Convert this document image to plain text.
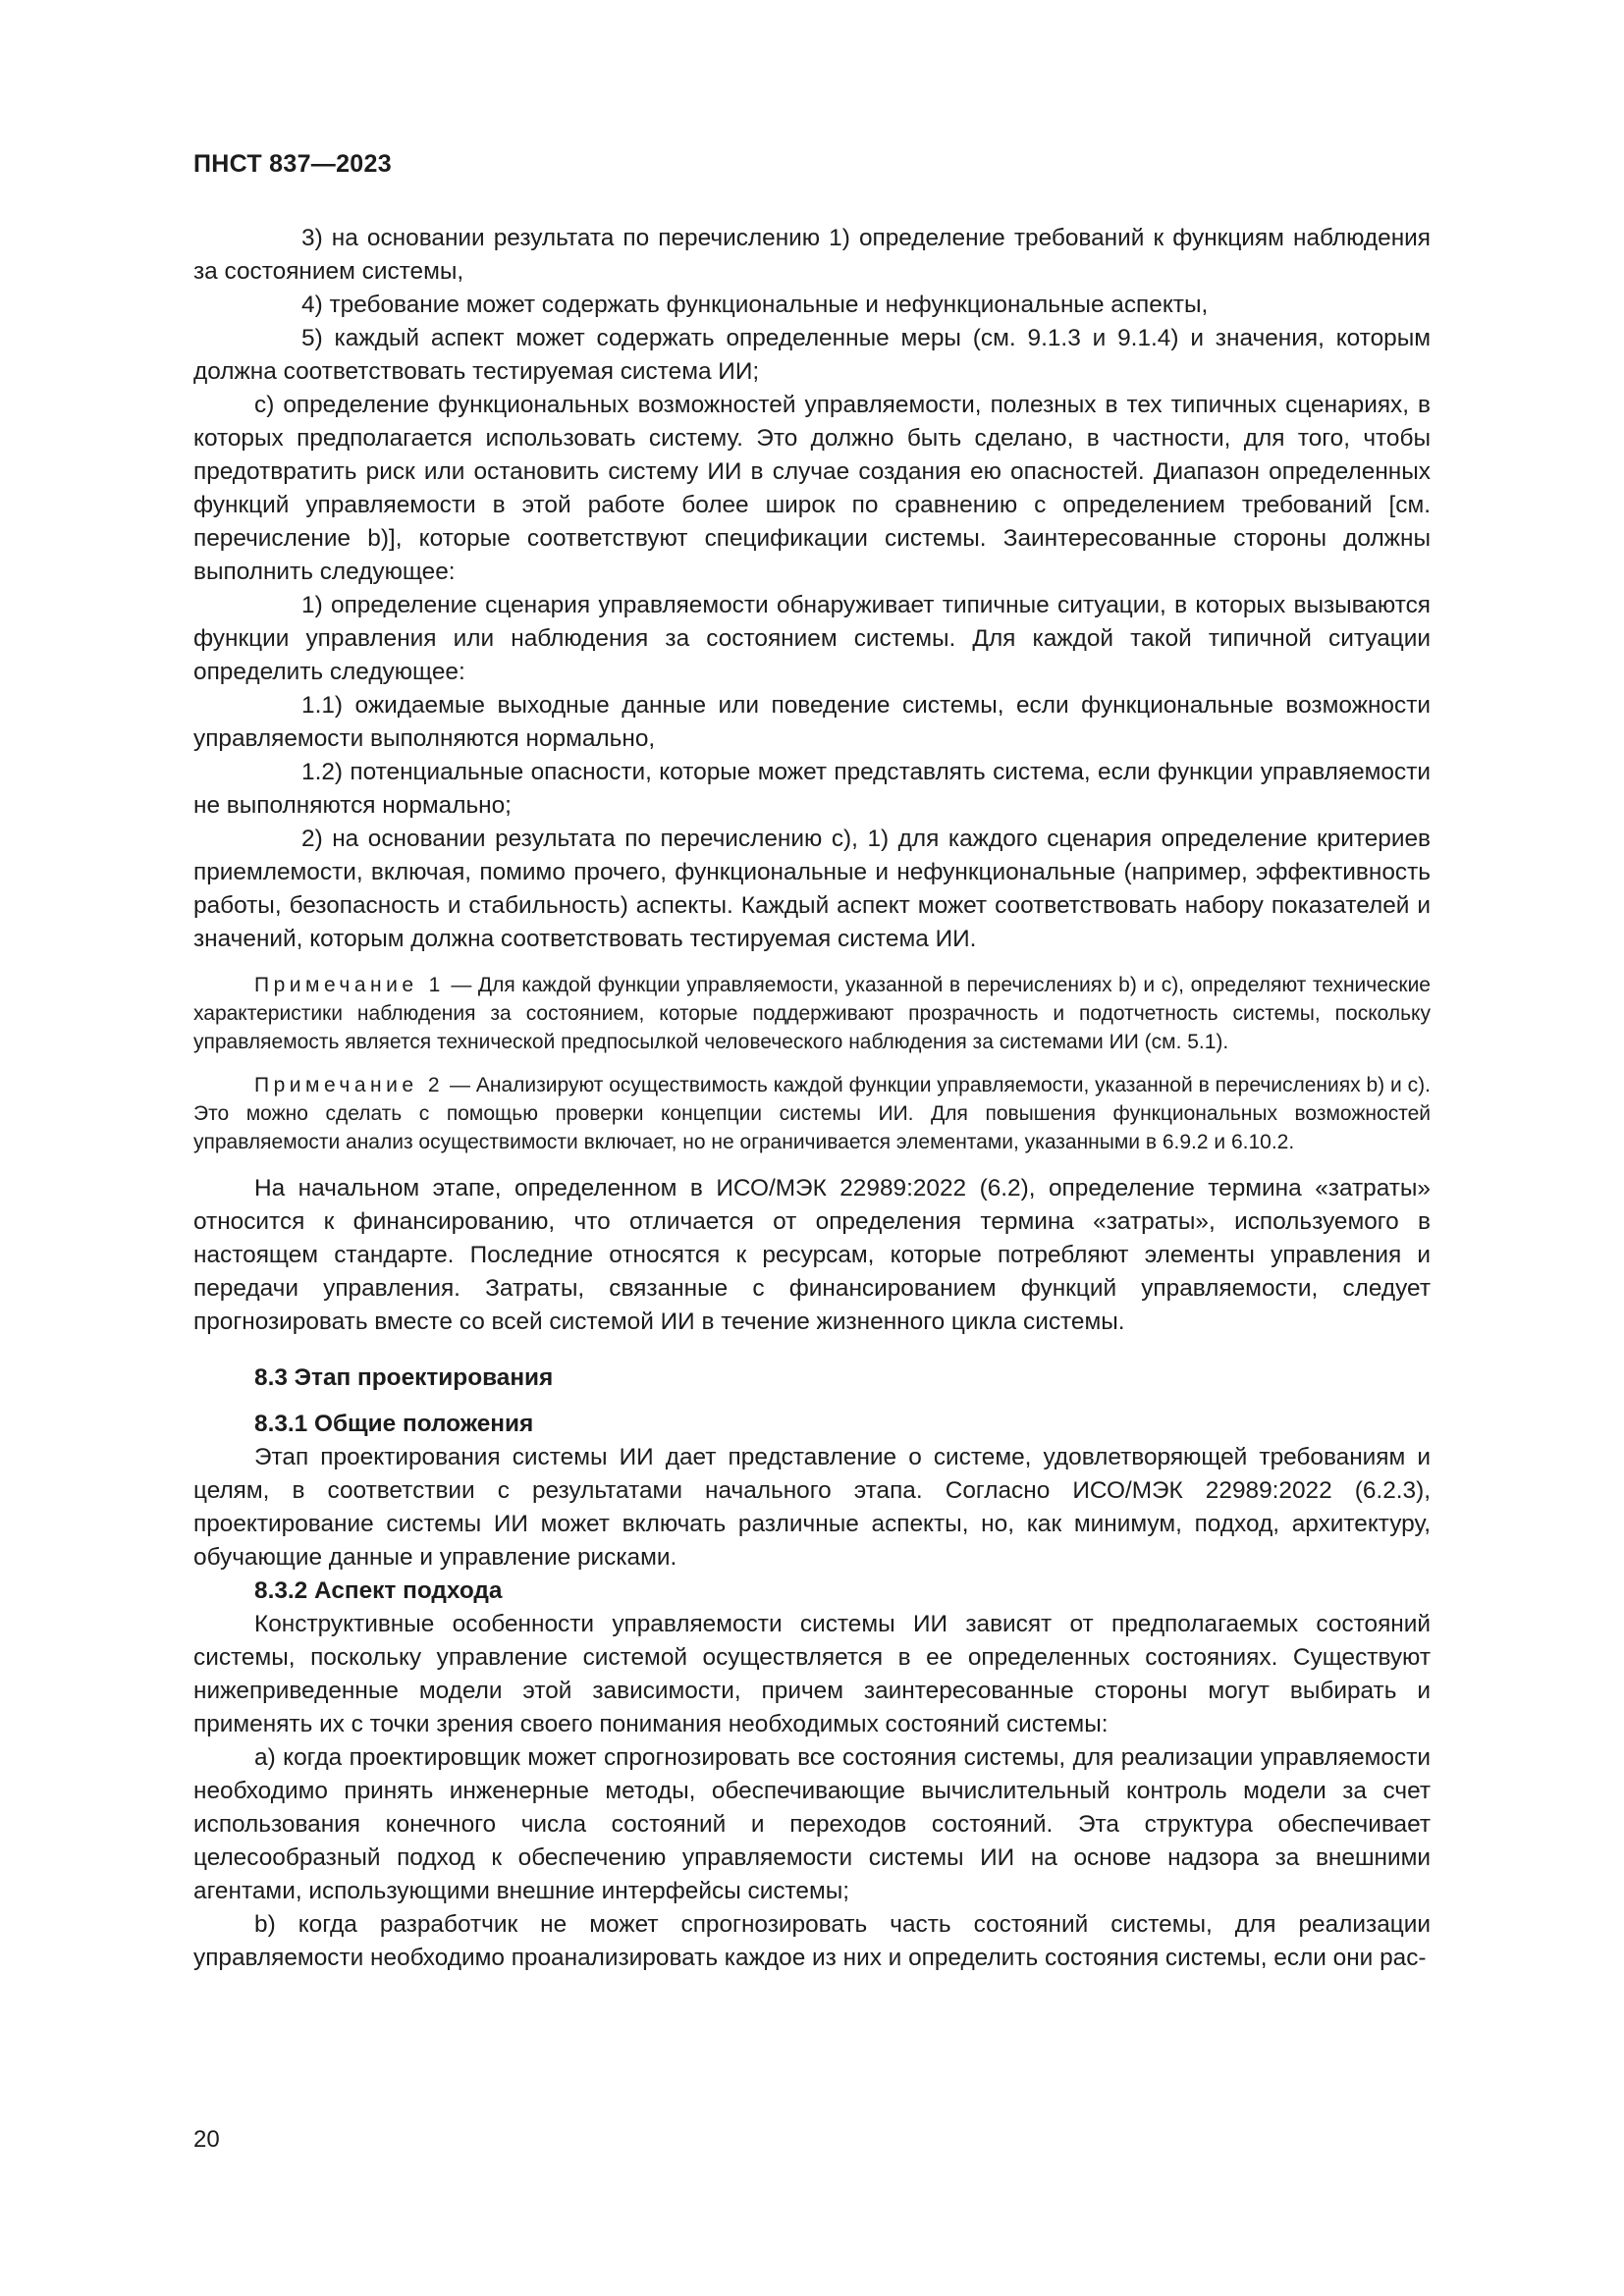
ПНСТ 837—2023

3) на основании результата по перечислению 1) определение требований к функциям наблюдения за состоянием системы,

4) требование может содержать функциональные и нефункциональные аспекты,

5) каждый аспект может содержать определенные меры (см. 9.1.3 и 9.1.4) и значения, которым должна соответствовать тестируемая система ИИ;

c) определение функциональных возможностей управляемости, полезных в тех типичных сценариях, в которых предполагается использовать систему. Это должно быть сделано, в частности, для того, чтобы предотвратить риск или остановить систему ИИ в случае создания ею опасностей. Диапазон определенных функций управляемости в этой работе более широк по сравнению с определением требований [см. перечисление b)], которые соответствуют спецификации системы. Заинтересованные стороны должны выполнить следующее:

1) определение сценария управляемости обнаруживает типичные ситуации, в которых вызываются функции управления или наблюдения за состоянием системы. Для каждой такой типичной ситуации определить следующее:

1.1) ожидаемые выходные данные или поведение системы, если функциональные возможности управляемости выполняются нормально,

1.2) потенциальные опасности, которые может представлять система, если функции управляемости не выполняются нормально;

2) на основании результата по перечислению c), 1) для каждого сценария определение критериев приемлемости, включая, помимо прочего, функциональные и нефункциональные (например, эффективность работы, безопасность и стабильность) аспекты. Каждый аспект может соответствовать набору показателей и значений, которым должна соответствовать тестируемая система ИИ.

Примечание 1 — Для каждой функции управляемости, указанной в перечислениях b) и c), определяют технические характеристики наблюдения за состоянием, которые поддерживают прозрачность и подотчетность системы, поскольку управляемость является технической предпосылкой человеческого наблюдения за системами ИИ (см. 5.1).

Примечание 2 — Анализируют осуществимость каждой функции управляемости, указанной в перечислениях b) и c). Это можно сделать с помощью проверки концепции системы ИИ. Для повышения функциональных возможностей управляемости анализ осуществимости включает, но не ограничивается элементами, указанными в 6.9.2 и 6.10.2.

На начальном этапе, определенном в ИСО/МЭК 22989:2022 (6.2), определение термина «затраты» относится к финансированию, что отличается от определения термина «затраты», используемого в настоящем стандарте. Последние относятся к ресурсам, которые потребляют элементы управления и передачи управления. Затраты, связанные с финансированием функций управляемости, следует прогнозировать вместе со всей системой ИИ в течение жизненного цикла системы.

8.3 Этап проектирования
8.3.1 Общие положения

Этап проектирования системы ИИ дает представление о системе, удовлетворяющей требованиям и целям, в соответствии с результатами начального этапа. Согласно ИСО/МЭК 22989:2022 (6.2.3), проектирование системы ИИ может включать различные аспекты, но, как минимум, подход, архитектуру, обучающие данные и управление рисками.

8.3.2 Аспект подхода

Конструктивные особенности управляемости системы ИИ зависят от предполагаемых состояний системы, поскольку управление системой осуществляется в ее определенных состояниях. Существуют нижеприведенные модели этой зависимости, причем заинтересованные стороны могут выбирать и применять их с точки зрения своего понимания необходимых состояний системы:

a) когда проектировщик может спрогнозировать все состояния системы, для реализации управляемости необходимо принять инженерные методы, обеспечивающие вычислительный контроль модели за счет использования конечного числа состояний и переходов состояний. Эта структура обеспечивает целесообразный подход к обеспечению управляемости системы ИИ на основе надзора за внешними агентами, использующими внешние интерфейсы системы;

b) когда разработчик не может спрогнозировать часть состояний системы, для реализации управляемости необходимо проанализировать каждое из них и определить состояния системы, если они рас-

20
